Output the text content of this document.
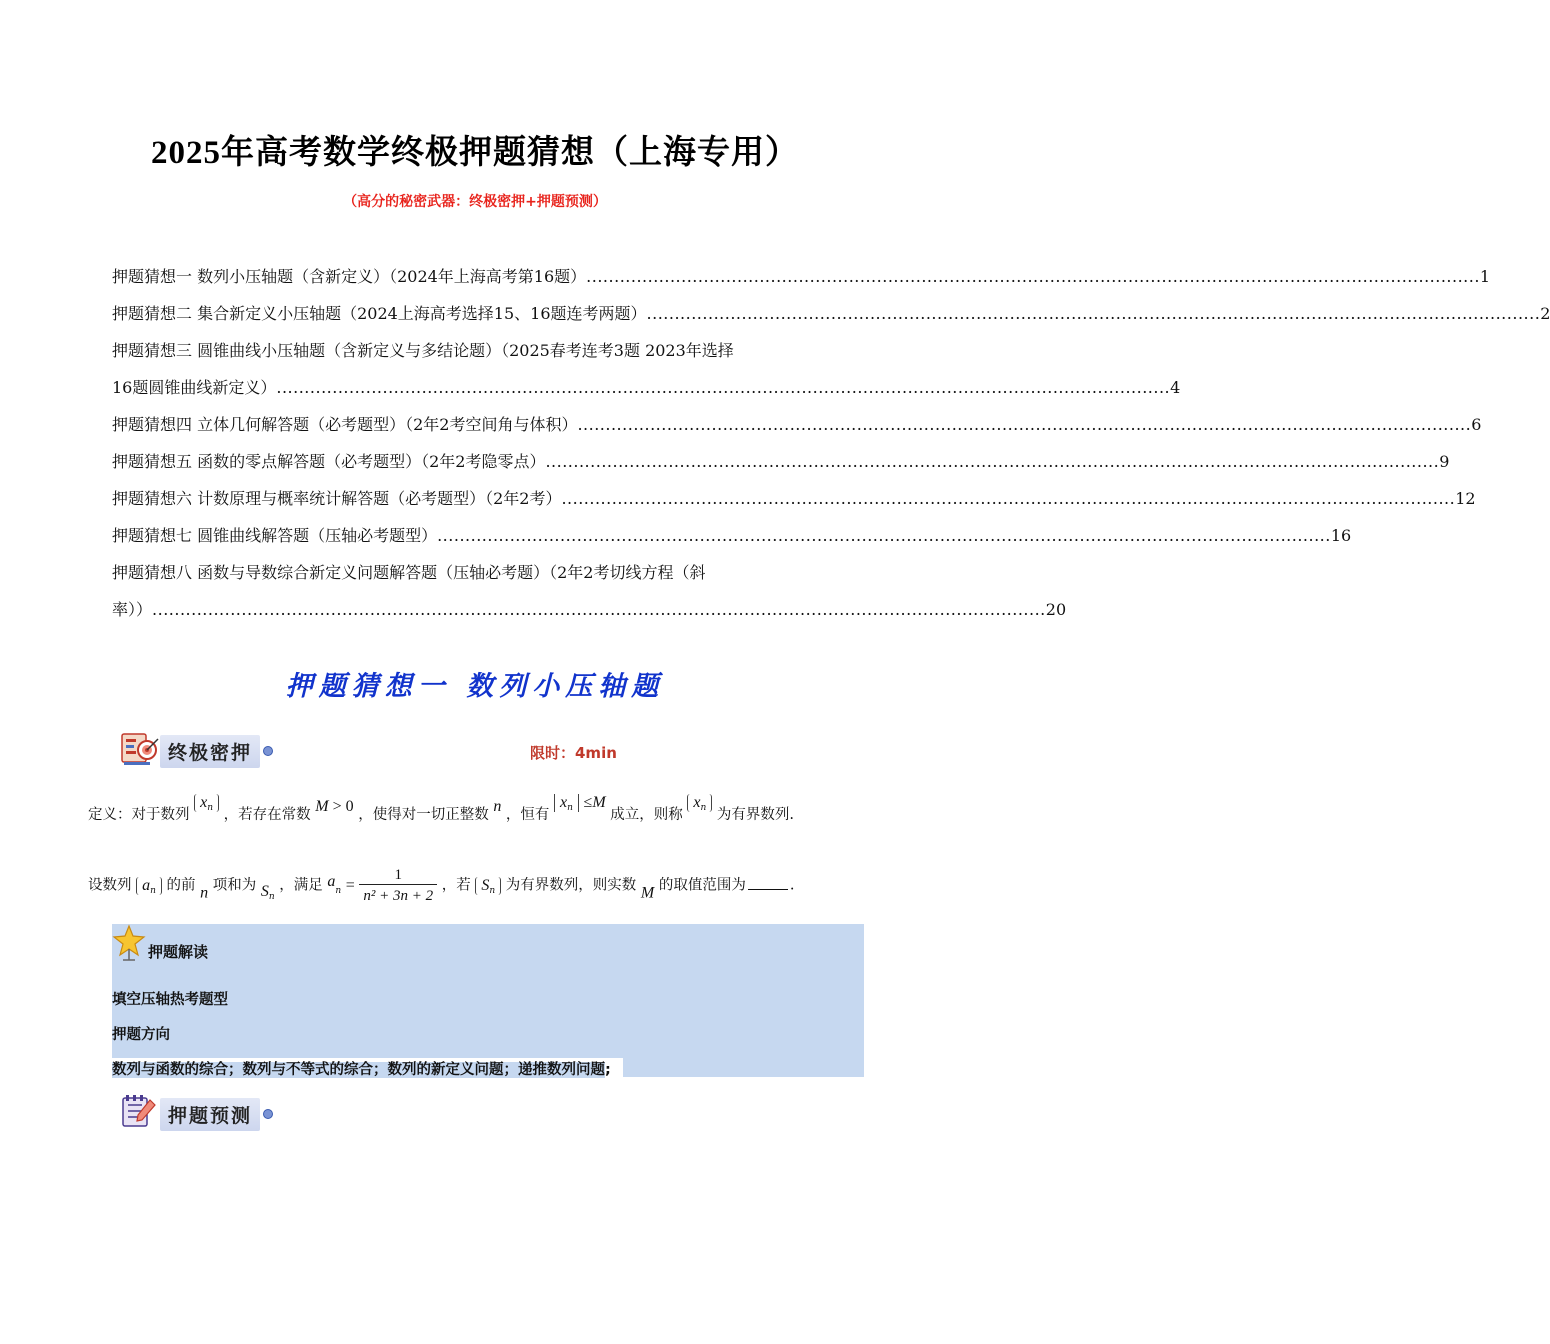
2025年高考数学终极押题猜想（上海专用）
（高分的秘密武器：终极密押+押题预测）
押题猜想一 数列小压轴题（含新定义）（2024年上海高考第16题） ................................................................................................................................................................ 1
押题猜想二 集合新定义小压轴题（2024上海高考选择15、16题连考两题） ................................................................................................................................................................ 2
押题猜想三 圆锥曲线小压轴题（含新定义与多结论题）（2025春考连考3题 2023年选择
16题圆锥曲线新定义） ................................................................................................................................................................ 4
押题猜想四 立体几何解答题（必考题型）（2年2考空间角与体积） ................................................................................................................................................................ 6
押题猜想五 函数的零点解答题（必考题型）（2年2考隐零点） ................................................................................................................................................................ 9
押题猜想六 计数原理与概率统计解答题（必考题型）（2年2考） ................................................................................................................................................................ 12
押题猜想七 圆锥曲线解答题（压轴必考题型） ................................................................................................................................................................ 16
押题猜想八 函数与导数综合新定义问题解答题（压轴必考题）（2年2考切线方程（斜
率）） ................................................................................................................................................................ 20
押题猜想一 数列小压轴题
终极密押	限时：4min
定义：对于数列 $x_n$ ，若存在常数 M > 0 ，使得对一切正整数 n ，恒有 $x_n \le M$ 成立，则称 $x_n$ 为有界数列.
设数列 $a_n$ 的前 n 项和为 $S_n$ ，满足 $a_n = \frac{1}{\text{n² + 3n + 2}}$ ，若 $S_n$ 为有界数列，则实数 M 的取值范围为	.
押题解读
填空压轴热考题型
押题方向
数列与函数的综合；数列与不等式的综合；数列的新定义问题；递推数列问题;
押题预测
